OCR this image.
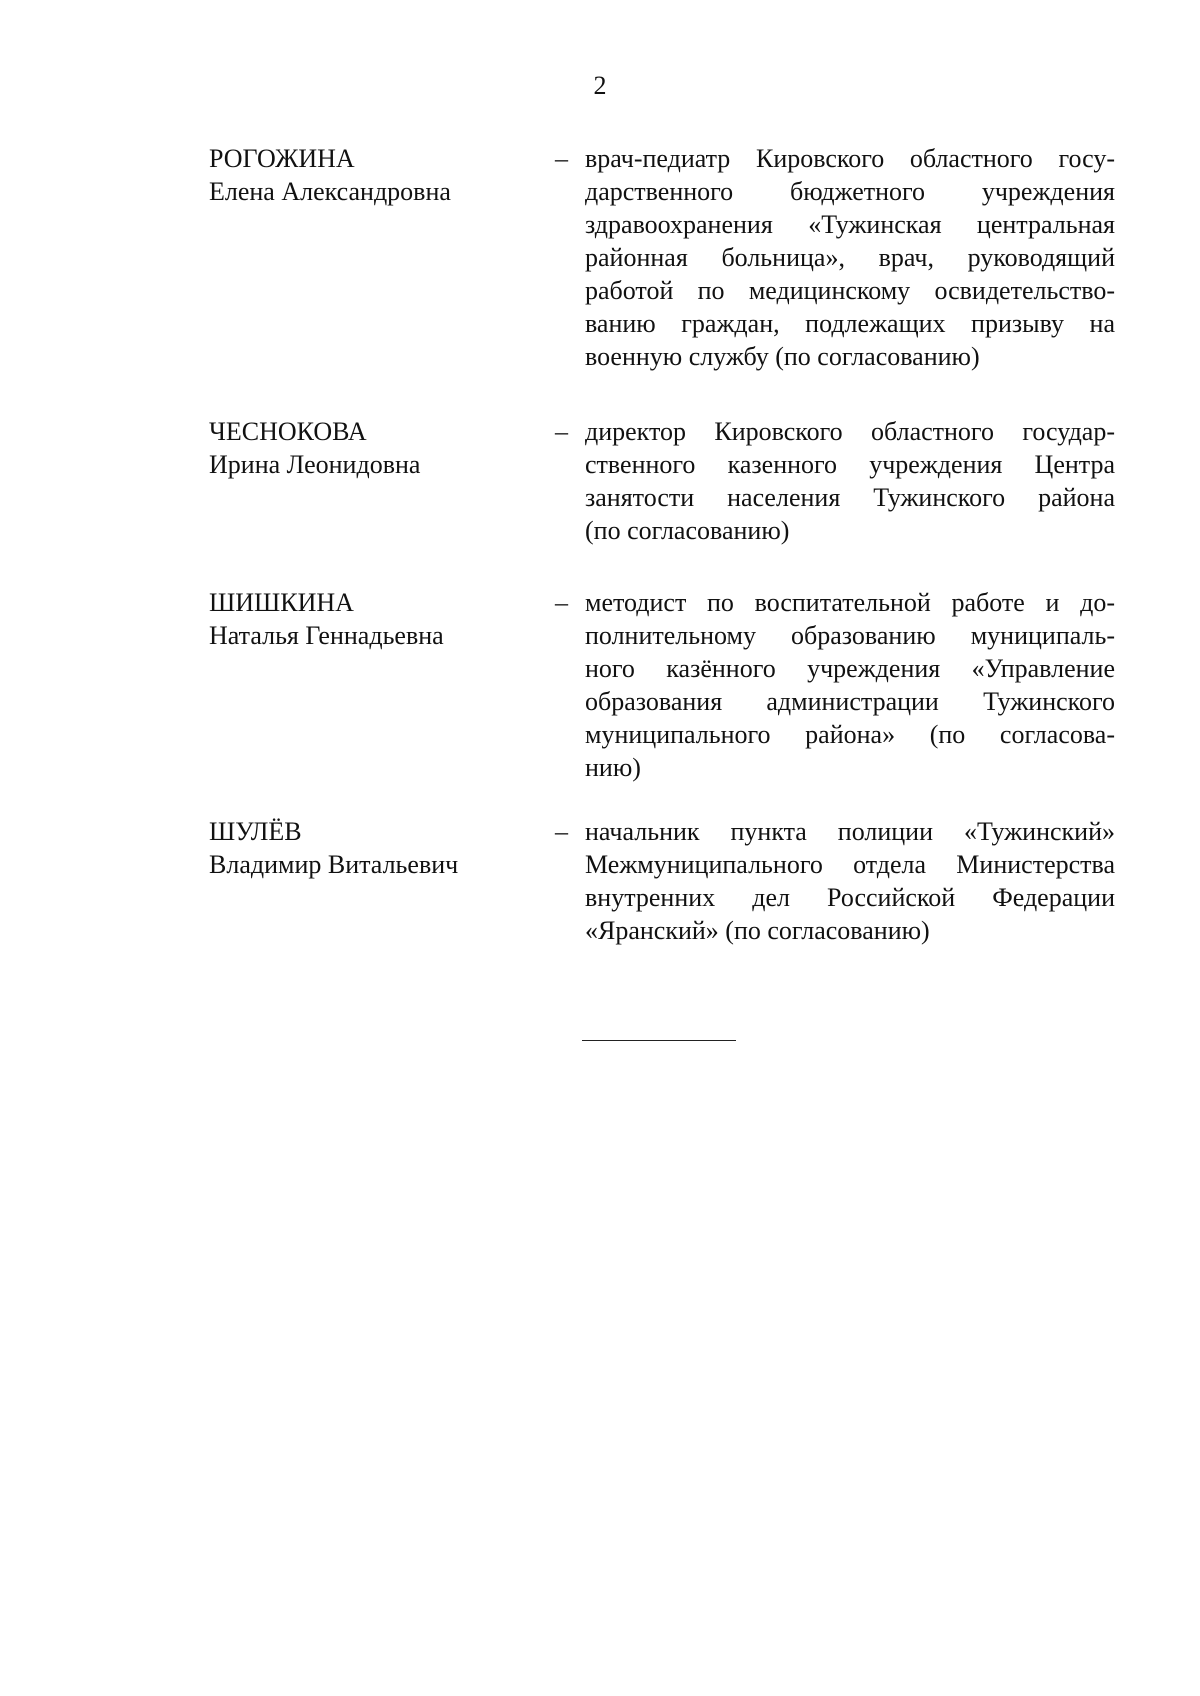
2
РОГОЖИНА
Елена Александровна
– врач-педиатр Кировского областного госу-
дарственного бюджетного учреждения
здравоохранения «Тужинская центральная
районная больница», врач, руководящий
работой по медицинскому освидетельство-
ванию граждан, подлежащих призыву на
военную службу (по согласованию)
ЧЕСНОКОВА
Ирина Леонидовна
– директор Кировского областного государ-
ственного казенного учреждения Центра
занятости населения Тужинского района
(по согласованию)
ШИШКИНА
Наталья Геннадьевна
– методист по воспитательной работе и до-
полнительному образованию муниципаль-
ного казённого учреждения «Управление
образования администрации Тужинского
муниципального района» (по согласова-
нию)
ШУЛЁВ
Владимир Витальевич
– начальник пункта полиции «Тужинский»
Межмуниципального отдела Министерства
внутренних дел Российской Федерации
«Яранский» (по согласованию)
